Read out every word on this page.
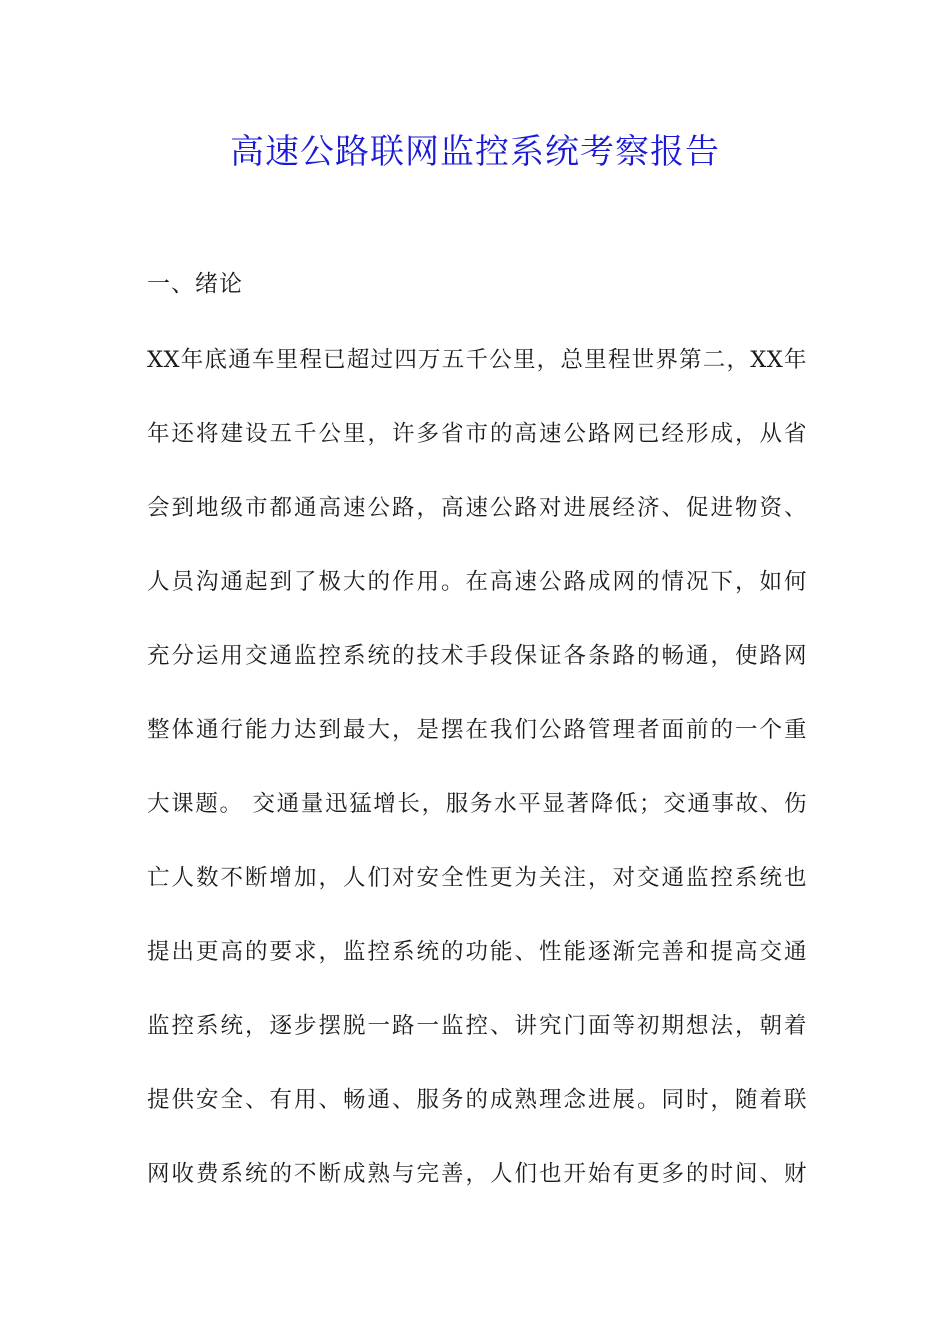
高速公路联网监控系统考察报告
一、绪论
XX年底通车里程已超过四万五千公里，总里程世界第二，XX年
年还将建设五千公里，许多省市的高速公路网已经形成，从省
会到地级市都通高速公路，高速公路对进展经济、促进物资、
人员沟通起到了极大的作用。在高速公路成网的情况下，如何
充分运用交通监控系统的技术手段保证各条路的畅通，使路网
整体通行能力达到最大，是摆在我们公路管理者面前的一个重
大课题。 交通量迅猛增长，服务水平显著降低；交通事故、伤
亡人数不断增加，人们对安全性更为关注，对交通监控系统也
提出更高的要求，监控系统的功能、性能逐渐完善和提高交通
监控系统，逐步摆脱一路一监控、讲究门面等初期想法，朝着
提供安全、有用、畅通、服务的成熟理念进展。同时，随着联
网收费系统的不断成熟与完善，人们也开始有更多的时间、财
